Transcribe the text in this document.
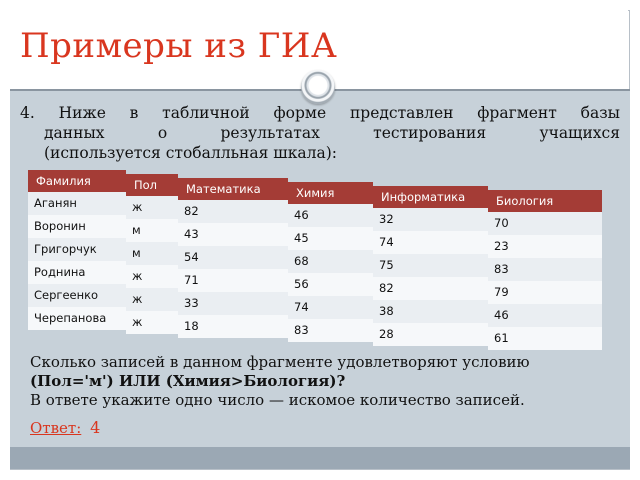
Примеры из ГИА
4. Ниже в табличной форме представлен фрагмент базы
данных о результатах тестирования учащихся
(используется стобалльная шкала):
Аганян
Воронин
Григорчук
Роднина
Сергеенко
Черепанова
Фамилия
ж
м
м
ж
ж
ж
Пол
82
43
54
71
33
18
Математика
46
45
68
56
74
83
Химия
32
74
75
82
38
28
Информатика
70
23
83
79
46
61
Биология
Сколько записей в данном фрагменте удовлетворяют условию
(Пол='м') ИЛИ (Химия>Биология)?
В ответе укажите одно число — искомое количество записей.
Ответ: 4
